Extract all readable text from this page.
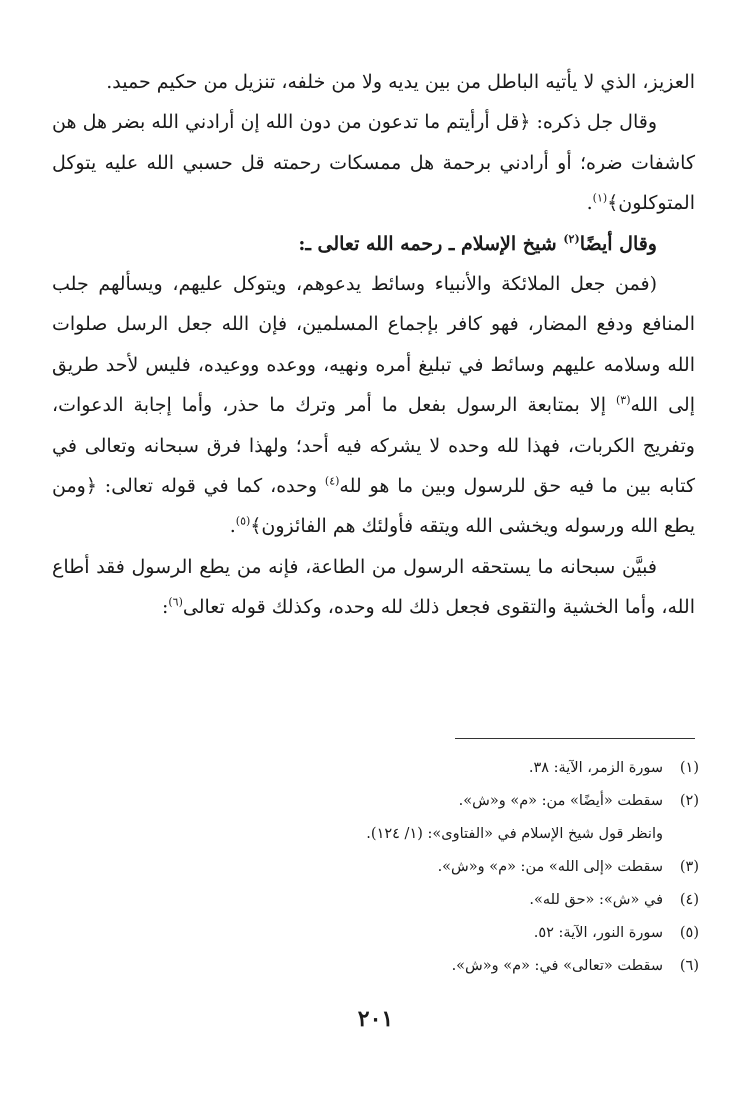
العزيز، الذي لا يأتيه الباطل من بين يديه ولا من خلفه، تنزيل من حكيم حميد.

وقال جل ذكره: ﴿قل أرأيتم ما تدعون من دون الله إن أرادني الله بضر هل هن كاشفات ضره؛ أو أرادني برحمة هل ممسكات رحمته قل حسبي الله عليه يتوكل المتوكلون﴾$^{(١)}$.

وقال أيضًا$^{(٢)}$ شيخ الإسلام ـ رحمه الله تعالى ـ:

(فمن جعل الملائكة والأنبياء وسائط يدعوهم، ويتوكل عليهم، ويسألهم جلب المنافع ودفع المضار، فهو كافر بإجماع المسلمين، فإن الله جعل الرسل صلوات الله وسلامه عليهم وسائط في تبليغ أمره ونهيه، ووعده ووعيده، فليس لأحد طريق إلى الله$^{(٣)}$ إلا بمتابعة الرسول بفعل ما أمر وترك ما حذر، وأما إجابة الدعوات، وتفريج الكربات، فهذا لله وحده لا يشركه فيه أحد؛ ولهذا فرق سبحانه وتعالى في كتابه بين ما فيه حق للرسول وبين ما هو لله$^{(٤)}$ وحده، كما في قوله تعالى: ﴿ومن يطع الله ورسوله ويخشى الله ويتقه فأولئك هم الفائزون﴾$^{(٥)}$.

فبيَّن سبحانه ما يستحقه الرسول من الطاعة، فإنه من يطع الرسول فقد أطاع الله، وأما الخشية والتقوى فجعل ذلك لله وحده، وكذلك قوله تعالى$^{(٦)}$:

(١)
سورة الزمر، الآية: ٣٨.
(٢)
سقطت «أيضًا» من: «م» و«ش».
وانظر قول شيخ الإسلام في «الفتاوى»: (١/ ١٢٤).
(٣)
سقطت «إلى الله» من: «م» و«ش».
(٤)
في «ش»: «حق لله».
(٥)
سورة النور، الآية: ٥٢.
(٦)
سقطت «تعالى» في: «م» و«ش».
٢٠١
